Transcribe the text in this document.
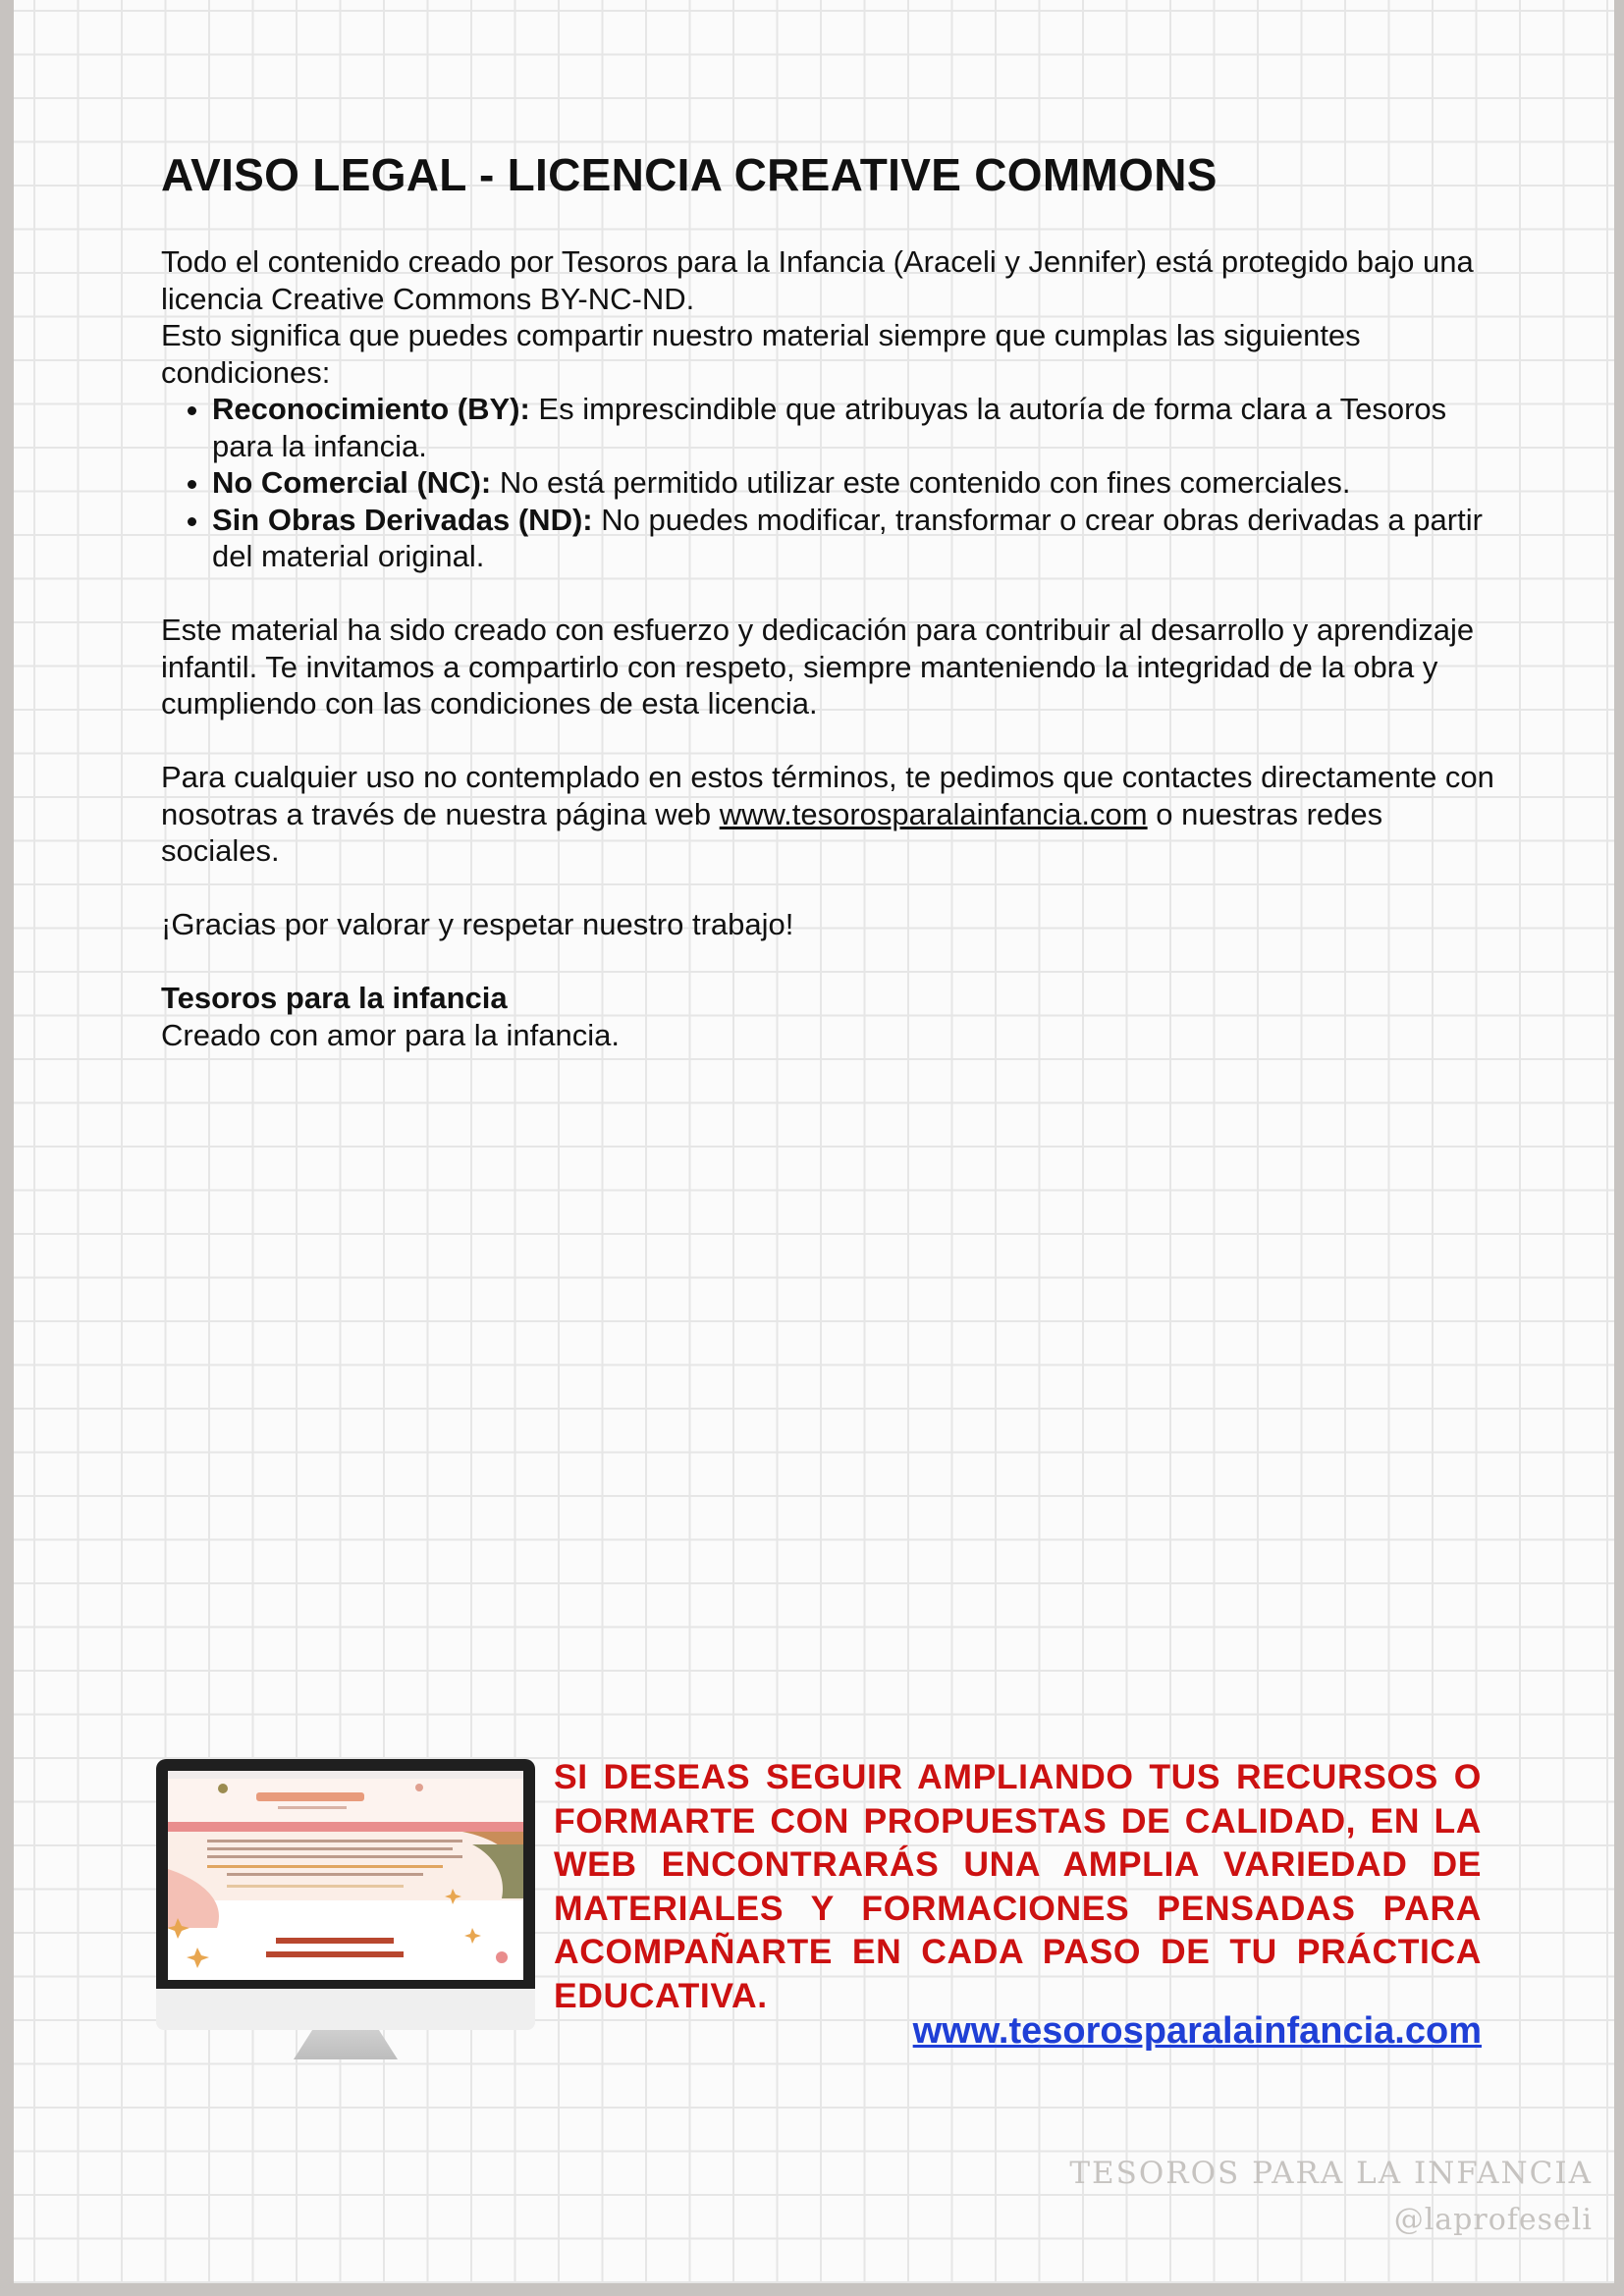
AVISO LEGAL - LICENCIA CREATIVE COMMONS

Todo el contenido creado por Tesoros para la Infancia (Araceli y Jennifer) está protegido bajo una licencia Creative Commons BY-NC-ND.

Esto significa que puedes compartir nuestro material siempre que cumplas las siguientes condiciones:

• Reconocimiento (BY): Es imprescindible que atribuyas la autoría de forma clara a Tesoros para la infancia.
• No Comercial (NC): No está permitido utilizar este contenido con fines comerciales.
• Sin Obras Derivadas (ND): No puedes modificar, transformar o crear obras derivadas a partir del material original.

Este material ha sido creado con esfuerzo y dedicación para contribuir al desarrollo y aprendizaje infantil. Te invitamos a compartirlo con respeto, siempre manteniendo la integridad de la obra y cumpliendo con las condiciones de esta licencia.

Para cualquier uso no contemplado en estos términos, te pedimos que contactes directamente con nosotras a través de nuestra página web www.tesorosparalainfancia.com o nuestras redes sociales.

¡Gracias por valorar y respetar nuestro trabajo!

Tesoros para la infancia

Creado con amor para la infancia.

SI DESEAS SEGUIR AMPLIANDO TUS RECURSOS O FORMARTE CON PROPUESTAS DE CALIDAD, EN LA WEB ENCONTRARÁS UNA AMPLIA VARIEDAD DE MATERIALES Y FORMACIONES PENSADAS PARA ACOMPAÑARTE EN CADA PASO DE TU PRÁCTICA EDUCATIVA.
www.tesorosparalainfancia.com
TESOROS PARA LA INFANCIA
@laprofeseli
